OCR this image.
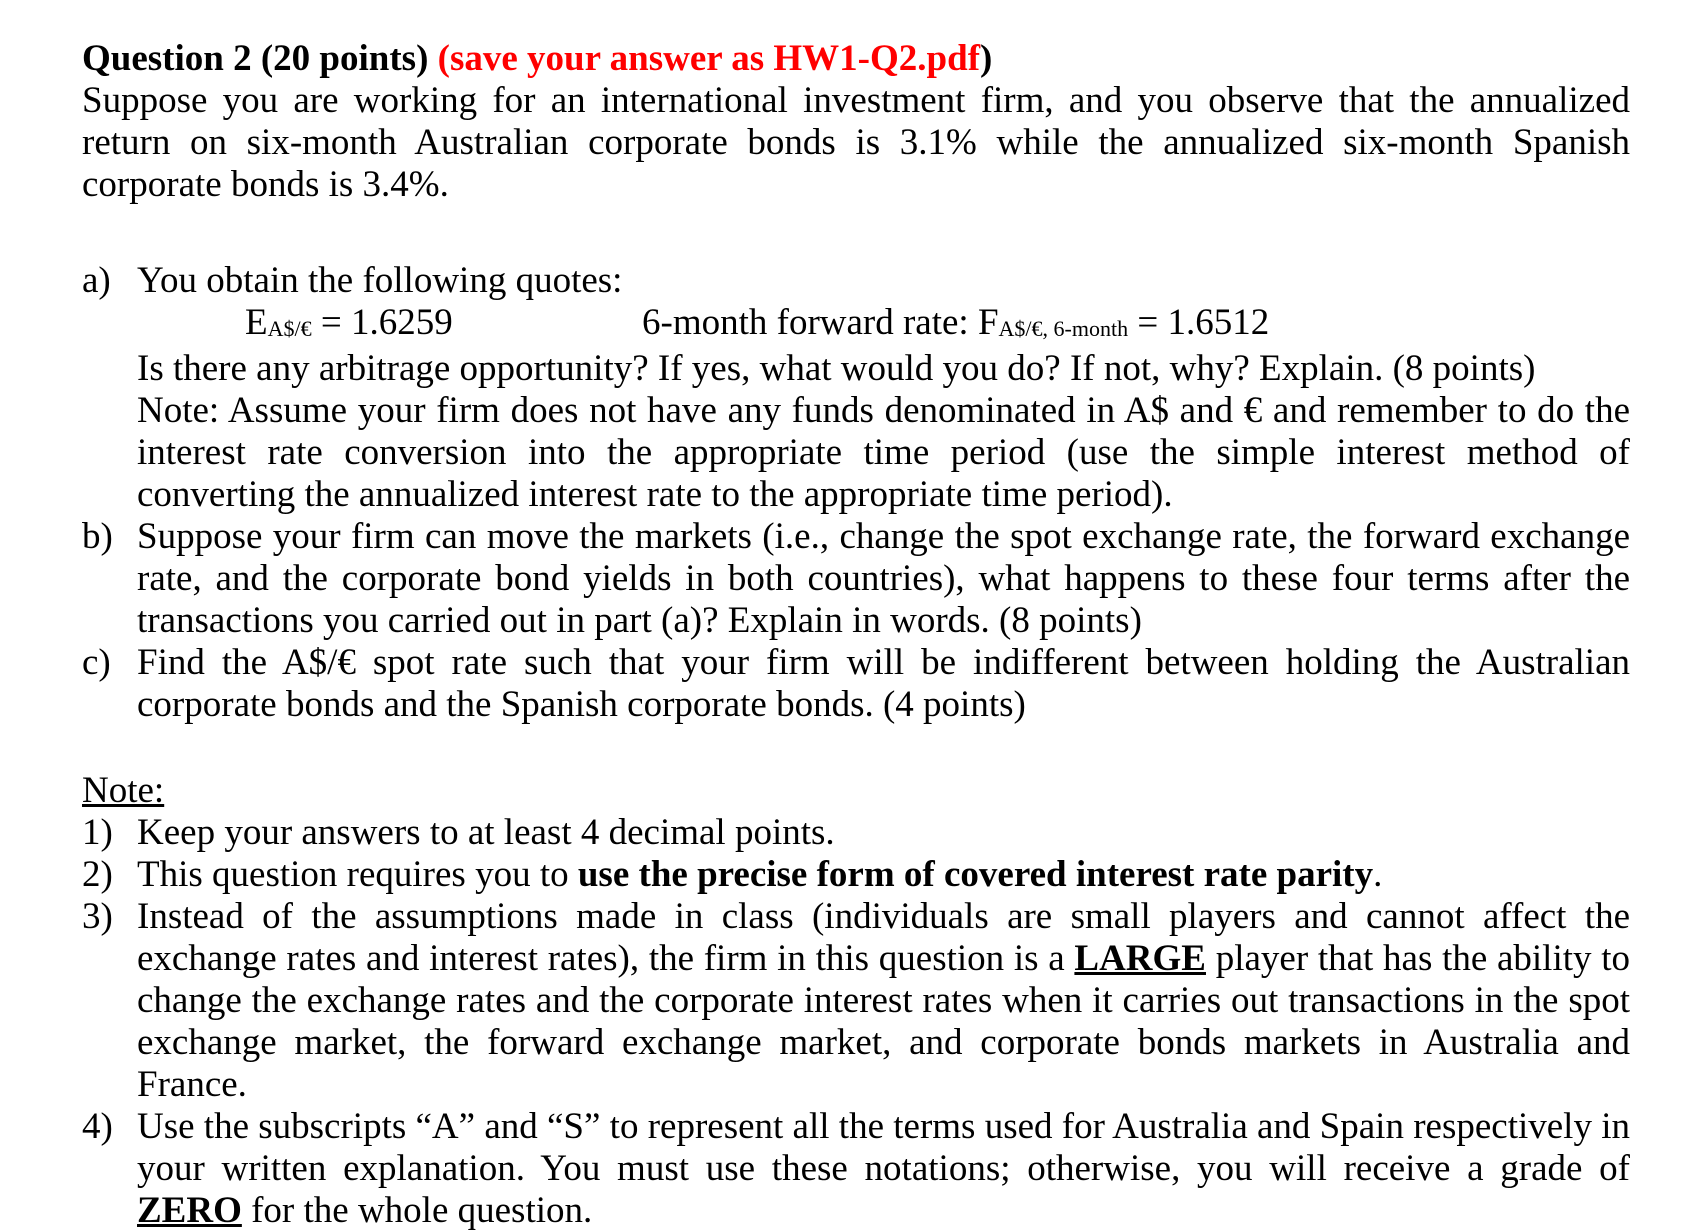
Question 2 (20 points) (save your answer as HW1-Q2.pdf)

Suppose you are working for an international investment firm, and you observe that the annualized return on six-month Australian corporate bonds is 3.1% while the annualized six-month Spanish corporate bonds is 3.4%.

a) You obtain the following quotes:
EA$/€ = 1.6259	6-month forward rate: FA$/€, 6-month = 1.6512
Is there any arbitrage opportunity? If yes, what would you do? If not, why? Explain. (8 points)
Note: Assume your firm does not have any funds denominated in A$ and € and remember to do the interest rate conversion into the appropriate time period (use the simple interest method of converting the annualized interest rate to the appropriate time period).
b) Suppose your firm can move the markets (i.e., change the spot exchange rate, the forward exchange rate, and the corporate bond yields in both countries), what happens to these four terms after the transactions you carried out in part (a)? Explain in words. (8 points)
c) Find the A$/€ spot rate such that your firm will be indifferent between holding the Australian corporate bonds and the Spanish corporate bonds. (4 points)

Note:

1) Keep your answers to at least 4 decimal points.
2) This question requires you to use the precise form of covered interest rate parity.
3) Instead of the assumptions made in class (individuals are small players and cannot affect the exchange rates and interest rates), the firm in this question is a LARGE player that has the ability to change the exchange rates and the corporate interest rates when it carries out transactions in the spot exchange market, the forward exchange market, and corporate bonds markets in Australia and France.
4) Use the subscripts “A” and “S” to represent all the terms used for Australia and Spain respectively in your written explanation. You must use these notations; otherwise, you will receive a grade of ZERO for the whole question.
